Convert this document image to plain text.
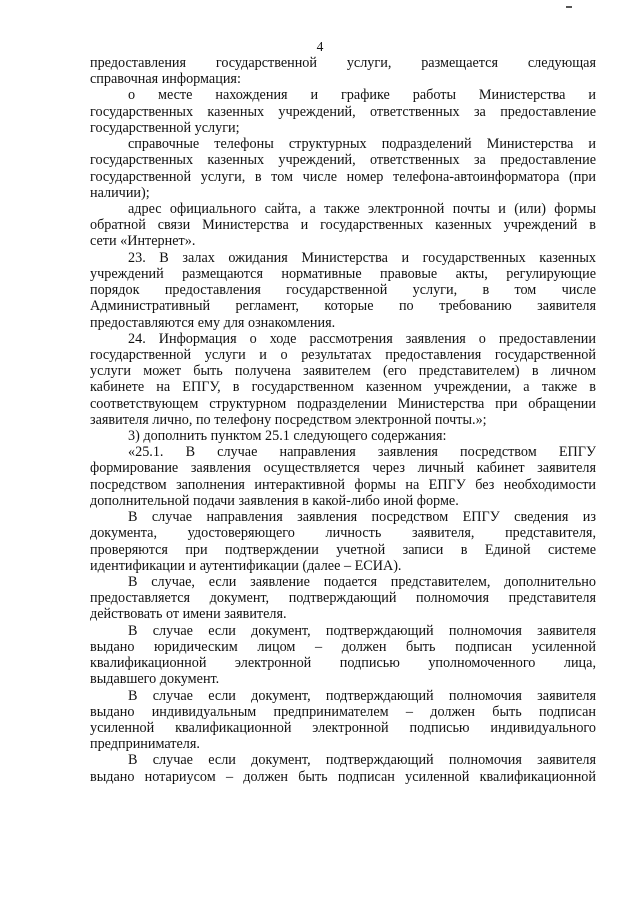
4
предоставления государственной услуги, размещается следующая
справочная информация:
о месте нахождения и графике работы Министерства и
государственных казенных учреждений, ответственных за предоставление
государственной услуги;
справочные телефоны структурных подразделений Министерства и
государственных казенных учреждений, ответственных за предоставление
государственной услуги, в том числе номер телефона-автоинформатора (при
наличии);
адрес официального сайта, а также электронной почты и (или) формы
обратной связи Министерства и государственных казенных учреждений в
сети «Интернет».
23. В залах ожидания Министерства и государственных казенных
учреждений размещаются нормативные правовые акты, регулирующие
порядок предоставления государственной услуги, в том числе
Административный регламент, которые по требованию заявителя
предоставляются ему для ознакомления.
24. Информация о ходе рассмотрения заявления о предоставлении
государственной услуги и о результатах предоставления государственной
услуги может быть получена заявителем (его представителем) в личном
кабинете на ЕПГУ, в государственном казенном учреждении, а также в
соответствующем структурном подразделении Министерства при обращении
заявителя лично, по телефону посредством электронной почты.»;
3) дополнить пунктом 25.1 следующего содержания:
«25.1. В случае направления заявления посредством ЕПГУ
формирование заявления осуществляется через личный кабинет заявителя
посредством заполнения интерактивной формы на ЕПГУ без необходимости
дополнительной подачи заявления в какой-либо иной форме.
В случае направления заявления посредством ЕПГУ сведения из
документа, удостоверяющего личность заявителя, представителя,
проверяются при подтверждении учетной записи в Единой системе
идентификации и аутентификации (далее – ЕСИА).
В случае, если заявление подается представителем, дополнительно
предоставляется документ, подтверждающий полномочия представителя
действовать от имени заявителя.
В случае если документ, подтверждающий полномочия заявителя
выдано юридическим лицом – должен быть подписан усиленной
квалификационной электронной подписью уполномоченного лица,
выдавшего документ.
В случае если документ, подтверждающий полномочия заявителя
выдано индивидуальным предпринимателем – должен быть подписан
усиленной квалификационной электронной подписью индивидуального
предпринимателя.
В случае если документ, подтверждающий полномочия заявителя
выдано нотариусом – должен быть подписан усиленной квалификационной
